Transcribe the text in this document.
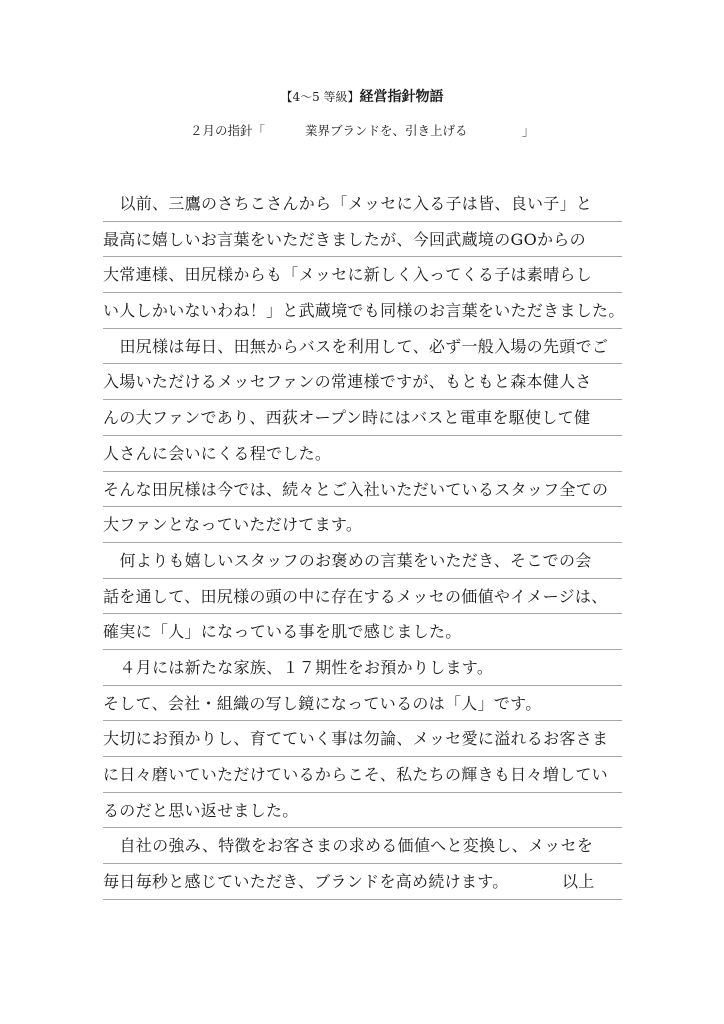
【4～5 等級】経営指針物語
２月の指針「	業界ブランドを、引き上げる	」
以前、三鷹のさちこさんから「メッセに入る子は皆、良い子」と
最高に嬉しいお言葉をいただきましたが、今回武蔵境のGOからの
大常連様、田尻様からも「メッセに新しく入ってくる子は素晴らし
い人しかいないわね！」と武蔵境でも同様のお言葉をいただきました。
田尻様は毎日、田無からバスを利用して、必ず一般入場の先頭でご
入場いただけるメッセファンの常連様ですが、もともと森本健人さ
んの大ファンであり、西荻オープン時にはバスと電車を駆使して健
人さんに会いにくる程でした。
そんな田尻様は今では、続々とご入社いただいているスタッフ全ての
大ファンとなっていただけてます。
何よりも嬉しいスタッフのお褒めの言葉をいただき、そこでの会
話を通して、田尻様の頭の中に存在するメッセの価値やイメージは、
確実に「人」になっている事を肌で感じました。
４月には新たな家族、１７期性をお預かりします。
そして、会社・組織の写し鏡になっているのは「人」です。
大切にお預かりし、育てていく事は勿論、メッセ愛に溢れるお客さま
に日々磨いていただけているからこそ、私たちの輝きも日々増してい
るのだと思い返せました。
自社の強み、特徴をお客さまの求める価値へと変換し、メッセを
毎日毎秒と感じていただき、ブランドを高め続けます。	以上
